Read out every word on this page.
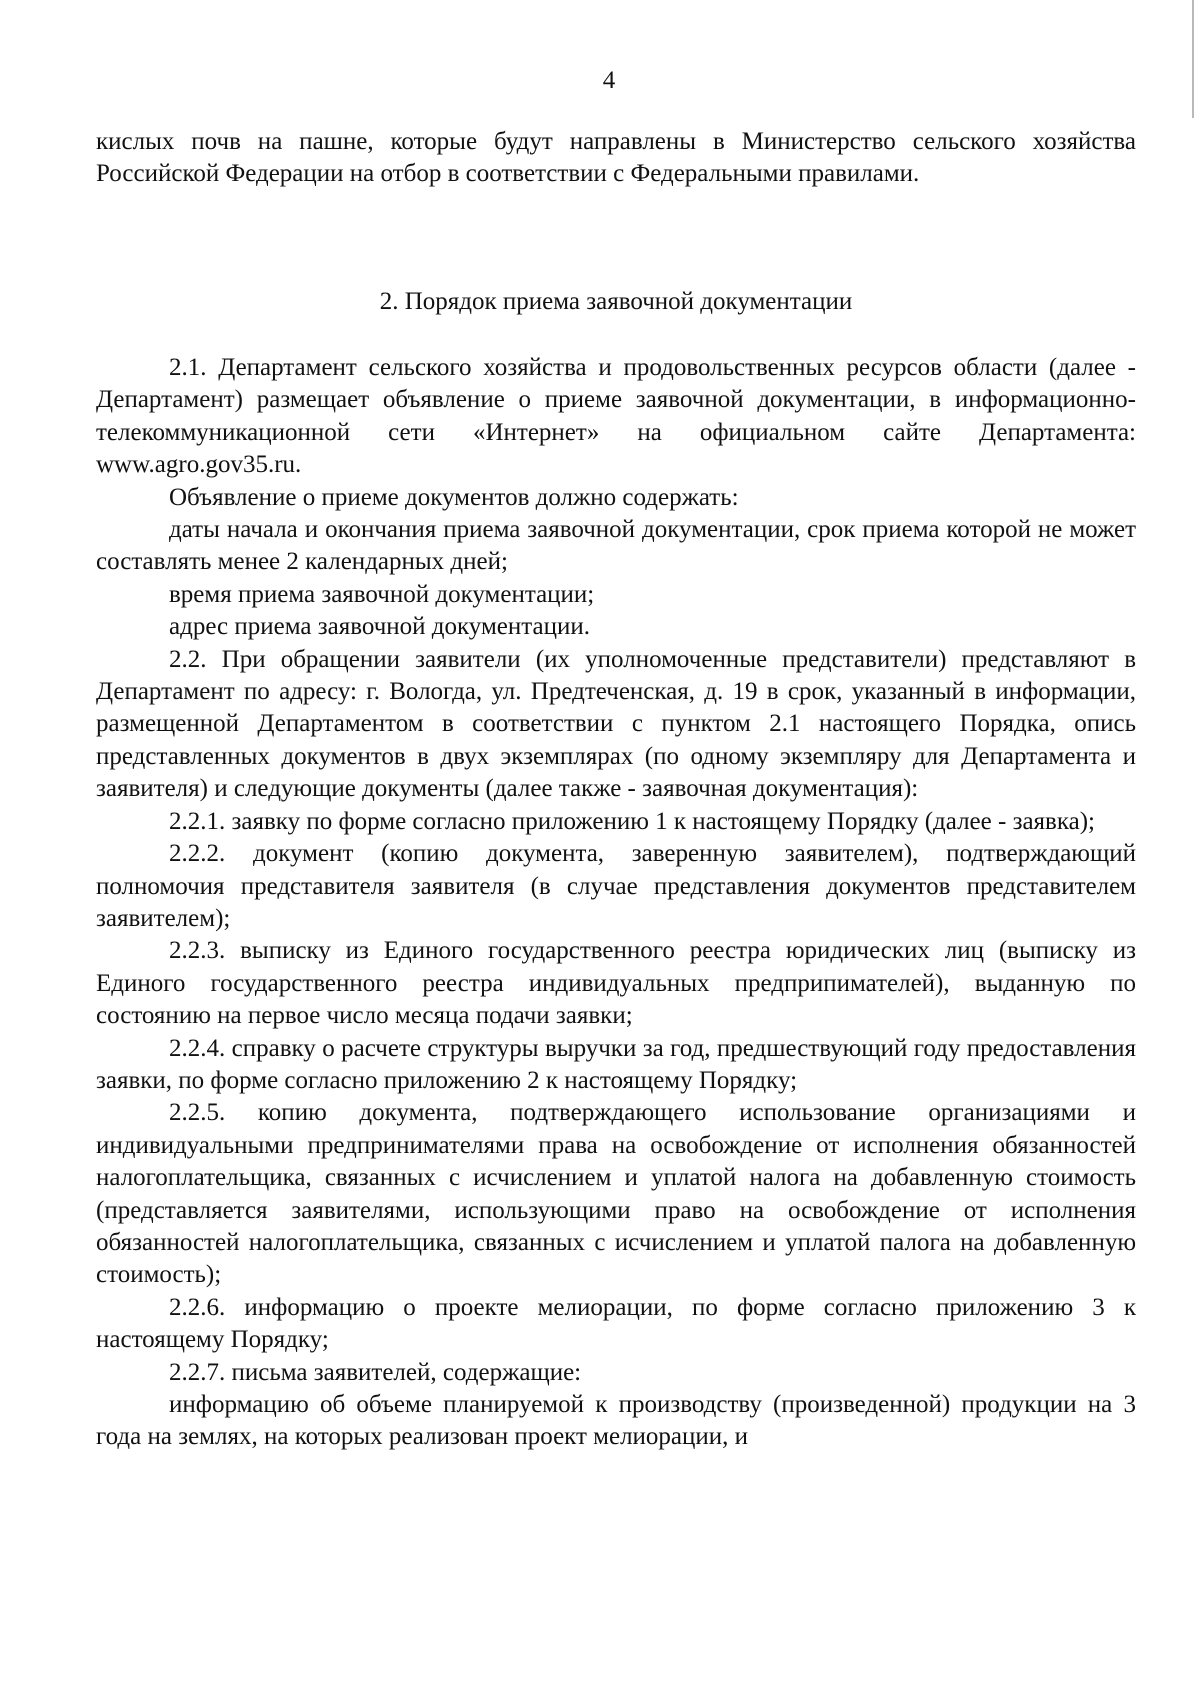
4

кислых почв на пашне, которые будут направлены в Министерство сельского хозяйства Российской Федерации на отбор в соответствии с Федеральными правилами.

2. Порядок приема заявочной документации

2.1. Департамент сельского хозяйства и продовольственных ресурсов области (далее - Департамент) размещает объявление о приеме заявочной документации, в информационно-телекоммуникационной сети «Интернет» на официальном сайте Департамента: www.agro.gov35.ru.

Объявление о приеме документов должно содержать:

даты начала и окончания приема заявочной документации, срок приема которой не может составлять менее 2 календарных дней;

время приема заявочной документации;

адрес приема заявочной документации.

2.2. При обращении заявители (их уполномоченные представители) представляют в Департамент по адресу: г. Вологда, ул. Предтеченская, д. 19 в срок, указанный в информации, размещенной Департаментом в соответствии с пунктом 2.1 настоящего Порядка, опись представленных документов в двух экземплярах (по одному экземпляру для Департамента и заявителя) и следующие документы (далее также - заявочная документация):

2.2.1. заявку по форме согласно приложению 1 к настоящему Порядку (далее - заявка);

2.2.2. документ (копию документа, заверенную заявителем), подтверждающий полномочия представителя заявителя (в случае представления документов представителем заявителем);

2.2.3. выписку из Единого государственного реестра юридических лиц (выписку из Единого государственного реестра индивидуальных предприпимателей), выданную по состоянию на первое число месяца подачи заявки;

2.2.4. справку о расчете структуры выручки за год, предшествующий году предоставления заявки, по форме согласно приложению 2 к настоящему Порядку;

2.2.5. копию документа, подтверждающего использование организациями и индивидуальными предпринимателями права на освобождение от исполнения обязанностей налогоплательщика, связанных с исчислением и уплатой налога на добавленную стоимость (представляется заявителями, использующими право на освобождение от исполнения обязанностей налогоплательщика, связанных с исчислением и уплатой палога на добавленную стоимость);

2.2.6. информацию о проекте мелиорации, по форме согласно приложению 3 к настоящему Порядку;

2.2.7. письма заявителей, содержащие:

информацию об объеме планируемой к производству (произведенной) продукции на 3 года на землях, на которых реализован проект мелиорации, и
